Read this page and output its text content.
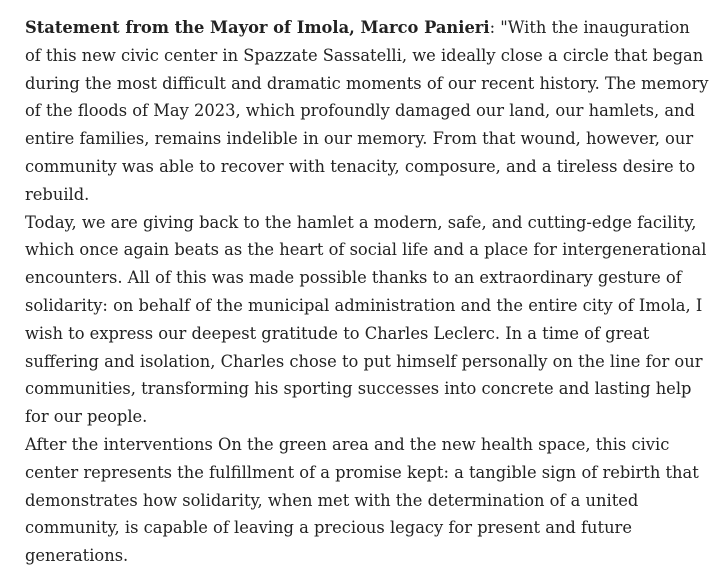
Statement from the Mayor of Imola, Marco Panieri: "With the inauguration of this new civic center in Spazzate Sassatelli, we ideally close a circle that began during the most difficult and dramatic moments of our recent history. The memory of the floods of May 2023, which profoundly damaged our land, our hamlets, and entire families, remains indelible in our memory. From that wound, however, our community was able to recover with tenacity, composure, and a tireless desire to rebuild.

Today, we are giving back to the hamlet a modern, safe, and cutting-edge facility, which once again beats as the heart of social life and a place for intergenerational encounters. All of this was made possible thanks to an extraordinary gesture of solidarity: on behalf of the municipal administration and the entire city of Imola, I wish to express our deepest gratitude to Charles Leclerc. In a time of great suffering and isolation, Charles chose to put himself personally on the line for our communities, transforming his sporting successes into concrete and lasting help for our people.

After the interventions On the green area and the new health space, this civic center represents the fulfillment of a promise kept: a tangible sign of rebirth that demonstrates how solidarity, when met with the determination of a united community, is capable of leaving a precious legacy for present and future generations.
